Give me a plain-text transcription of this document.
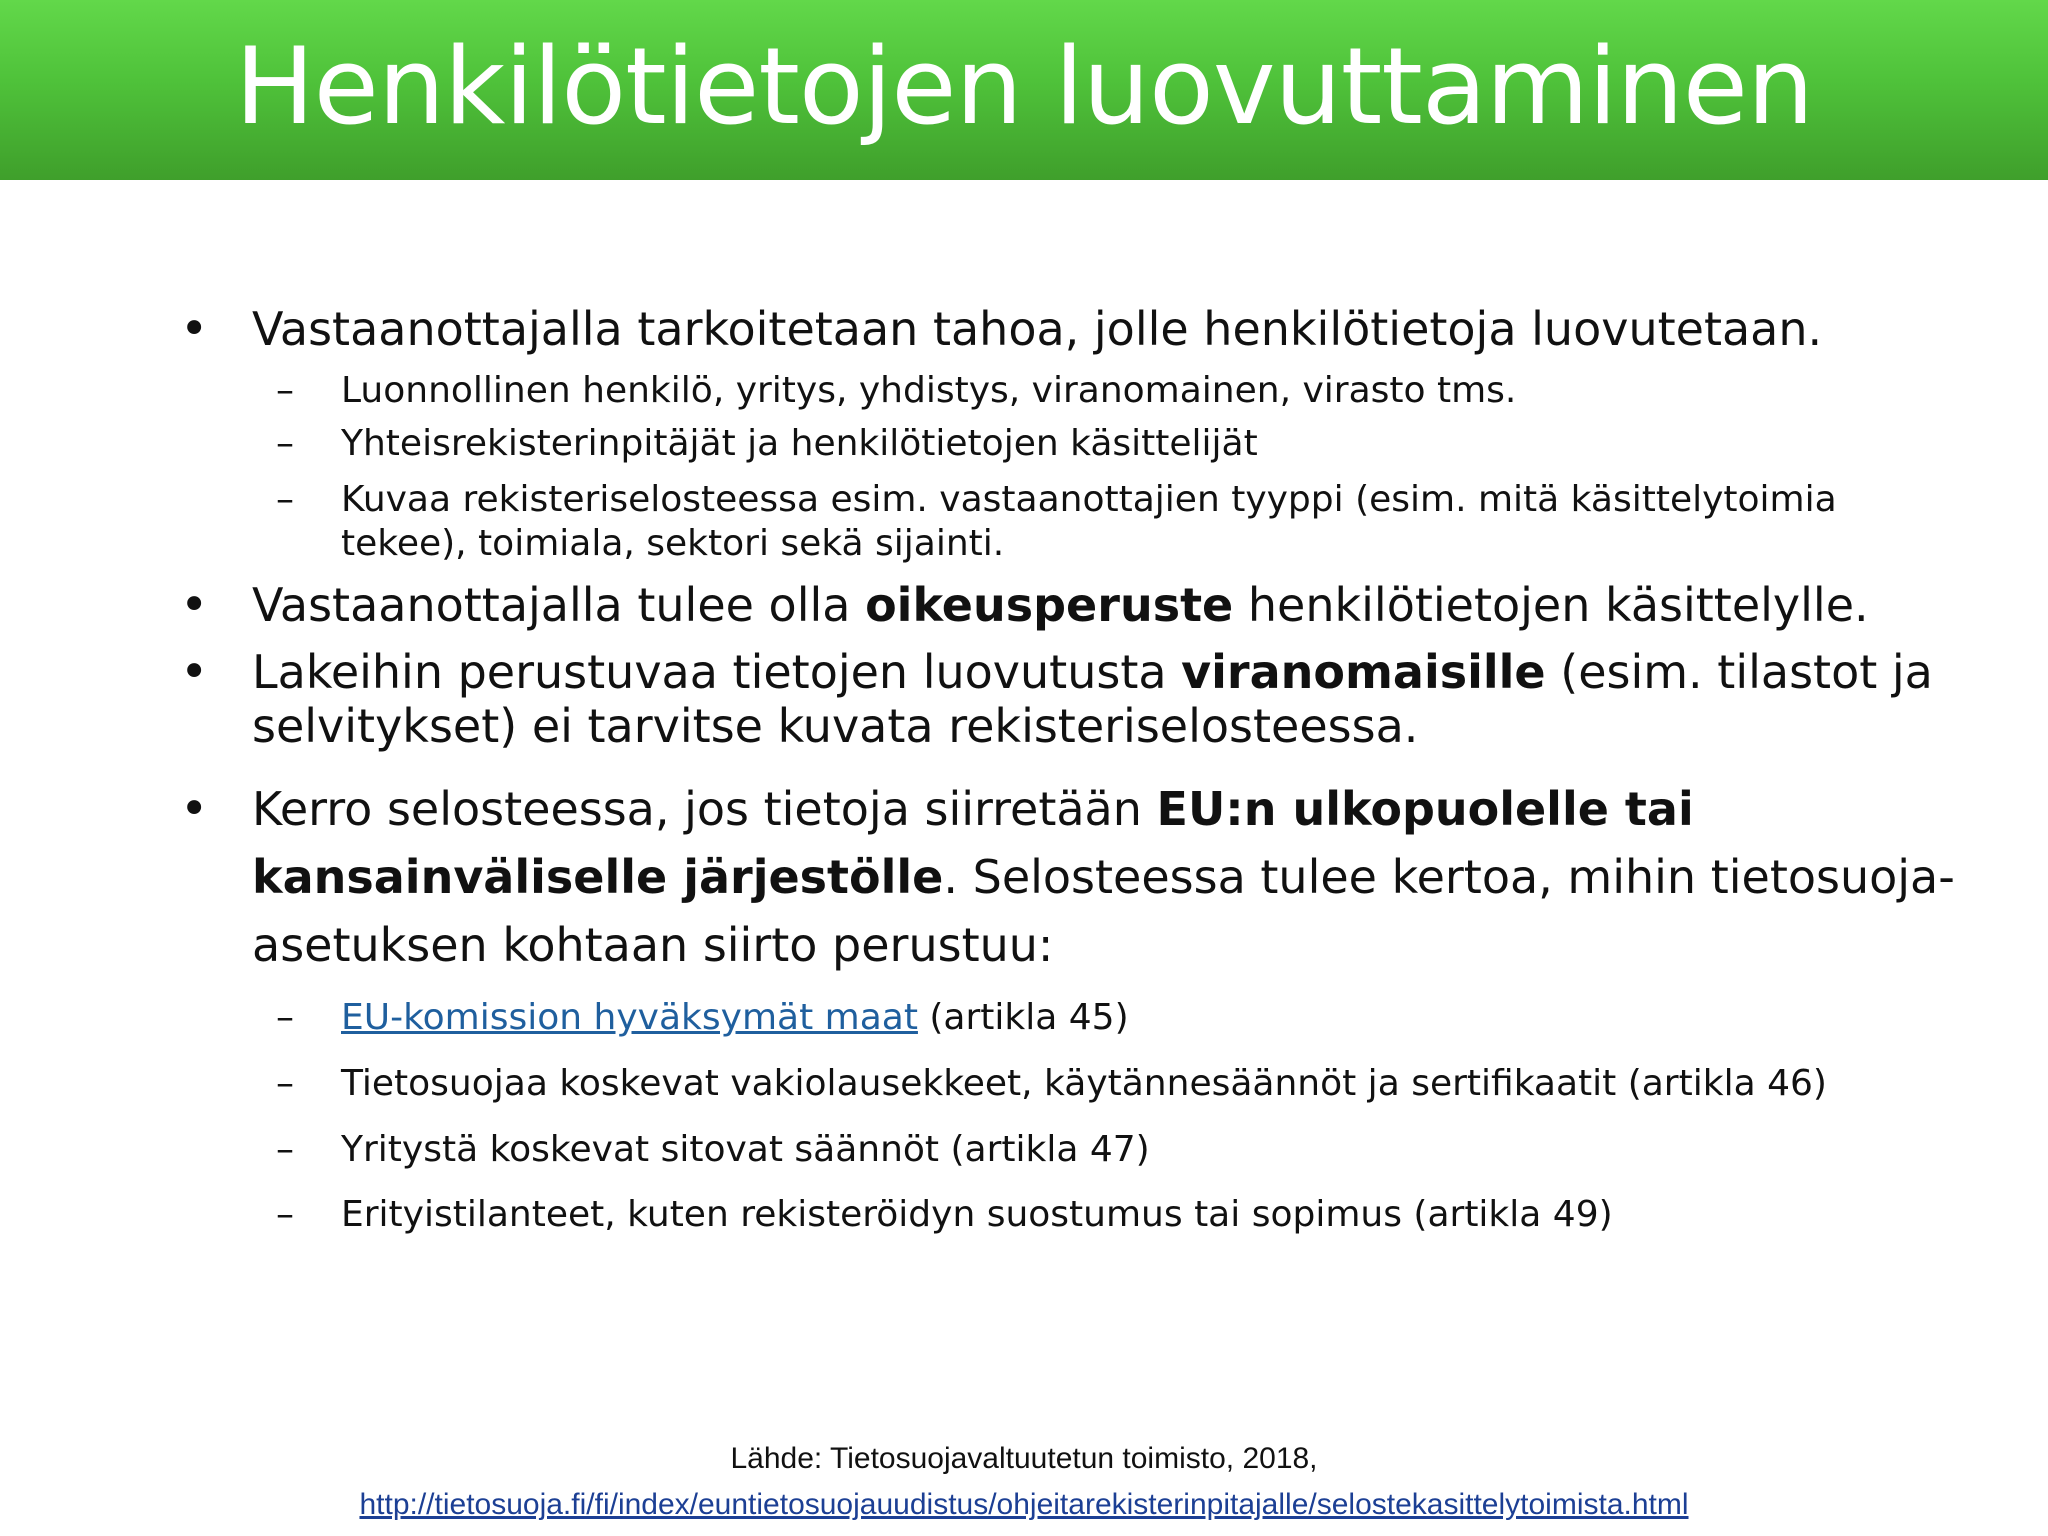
Henkilötietojen luovuttaminen
• Vastaanottajalla tarkoitetaan tahoa, jolle henkilötietoja luovutetaan.
– Luonnollinen henkilö, yritys, yhdistys, viranomainen, virasto tms.
– Yhteisrekisterinpitäjät ja henkilötietojen käsittelijät
– Kuvaa rekisteriselosteessa esim. vastaanottajien tyyppi (esim. mitä käsittelytoimia
tekee), toimiala, sektori sekä sijainti.
• Vastaanottajalla tulee olla oikeusperuste henkilötietojen käsittelylle.
• Lakeihin perustuvaa tietojen luovutusta viranomaisille (esim. tilastot ja
selvitykset) ei tarvitse kuvata rekisteriselosteessa.
• Kerro selosteessa, jos tietoja siirretään EU:n ulkopuolelle tai
kansainväliselle järjestölle. Selosteessa tulee kertoa, mihin tietosuoja-
asetuksen kohtaan siirto perustuu:
– EU-komission hyväksymät maat (artikla 45)
– Tietosuojaa koskevat vakiolausekkeet, käytännesäännöt ja sertifikaatit (artikla 46)
– Yritystä koskevat sitovat säännöt (artikla 47)
– Erityistilanteet, kuten rekisteröidyn suostumus tai sopimus (artikla 49)
Lähde: Tietosuojavaltuutetun toimisto, 2018,
http://tietosuoja.fi/fi/index/euntietosuojauudistus/ohjeitarekisterinpitajalle/selostekasittelytoimista.html
